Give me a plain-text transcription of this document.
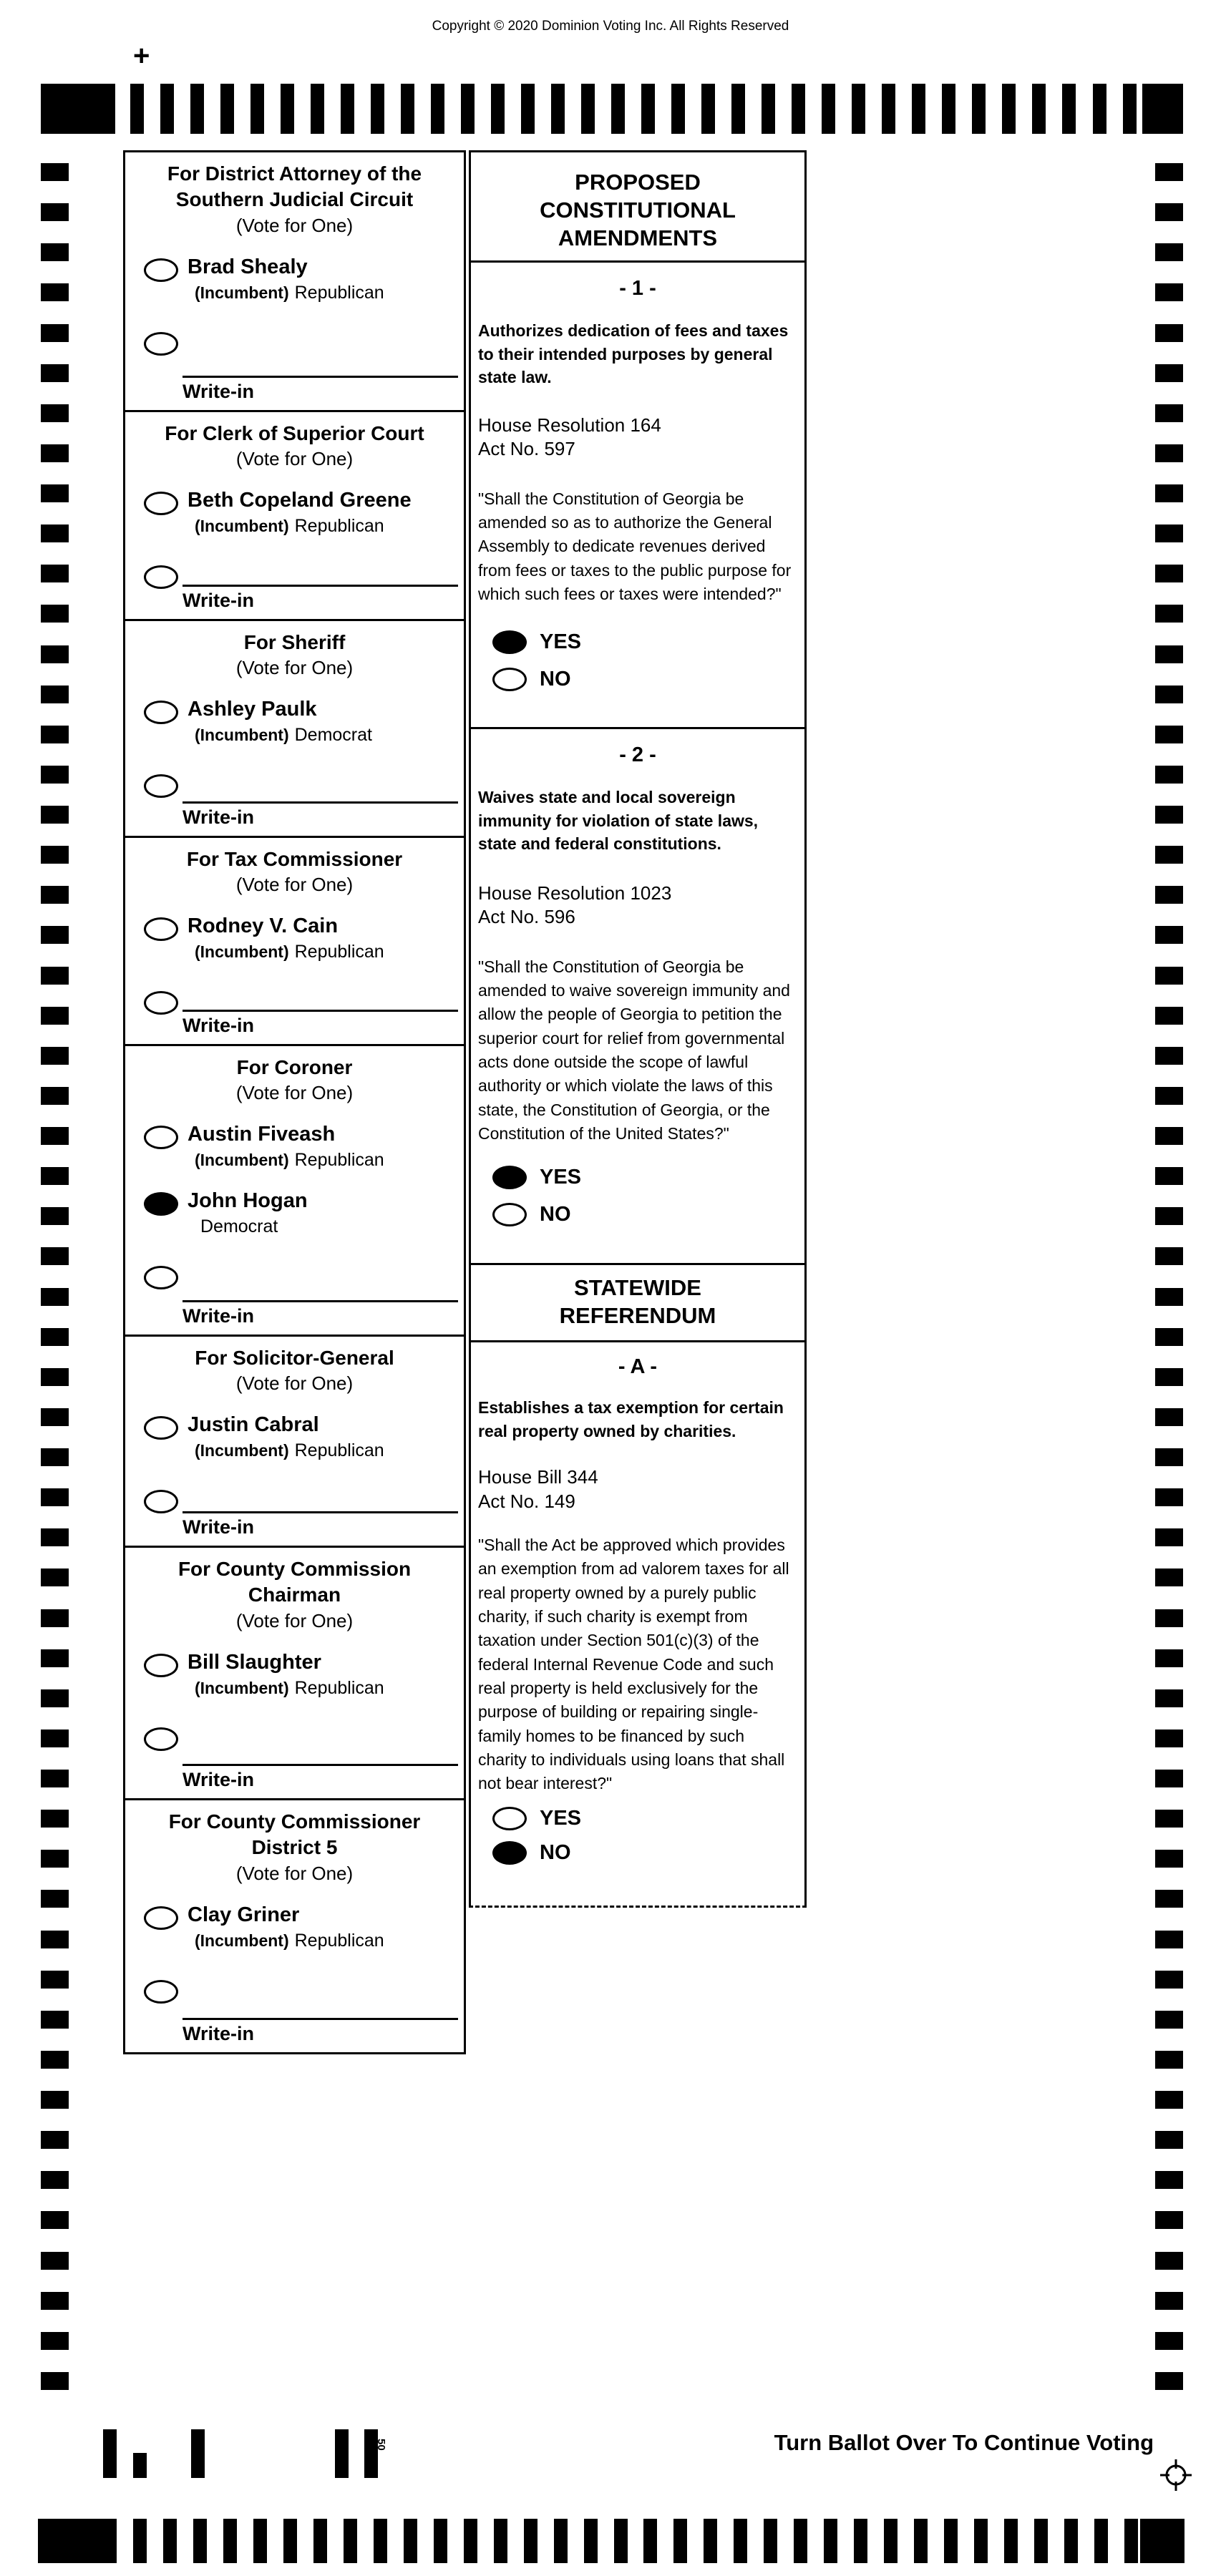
Copyright © 2020 Dominion Voting Inc. All Rights Reserved
+
For District Attorney of the
Southern Judicial Circuit
(Vote for One)
Brad Shealy
(Incumbent) Republican
Write-in
For Clerk of Superior Court
(Vote for One)
Beth Copeland Greene
(Incumbent) Republican
Write-in
For Sheriff
(Vote for One)
Ashley Paulk
(Incumbent) Democrat
Write-in
For Tax Commissioner
(Vote for One)
Rodney V. Cain
(Incumbent) Republican
Write-in
For Coroner
(Vote for One)
Austin Fiveash
(Incumbent) Republican
John Hogan
Democrat
Write-in
For Solicitor-General
(Vote for One)
Justin Cabral
(Incumbent) Republican
Write-in
For County Commission
Chairman
(Vote for One)
Bill Slaughter
(Incumbent) Republican
Write-in
For County Commissioner
District 5
(Vote for One)
Clay Griner
(Incumbent) Republican
Write-in
PROPOSED
CONSTITUTIONAL
AMENDMENTS
- 1 -
Authorizes dedication of fees and taxes to their intended purposes by general state law.
House Resolution 164
Act No. 597
"Shall the Constitution of Georgia be amended so as to authorize the General Assembly to dedicate revenues derived from fees or taxes to the public purpose for which such fees or taxes were intended?"
YES
NO
- 2 -
Waives state and local sovereign immunity for violation of state laws, state and federal constitutions.
House Resolution 1023
Act No. 596
"Shall the Constitution of Georgia be amended to waive sovereign immunity and allow the people of Georgia to petition the superior court for relief from governmental acts done outside the scope of lawful authority or which violate the laws of this state, the Constitution of Georgia, or the Constitution of the United States?"
YES
NO
STATEWIDE
REFERENDUM
- A -
Establishes a tax exemption for certain real property owned by charities.
House Bill 344
Act No. 149
"Shall the Act be approved which provides an exemption from ad valorem taxes for all real property owned by a purely public charity, if such charity is exempt from taxation under Section 501(c)(3) of the federal Internal Revenue Code and such real property is held exclusively for the purpose of building or repairing single-family homes to be financed by such charity to individuals using loans that shall not bear interest?"
YES
NO
50	Turn Ballot Over To Continue Voting
